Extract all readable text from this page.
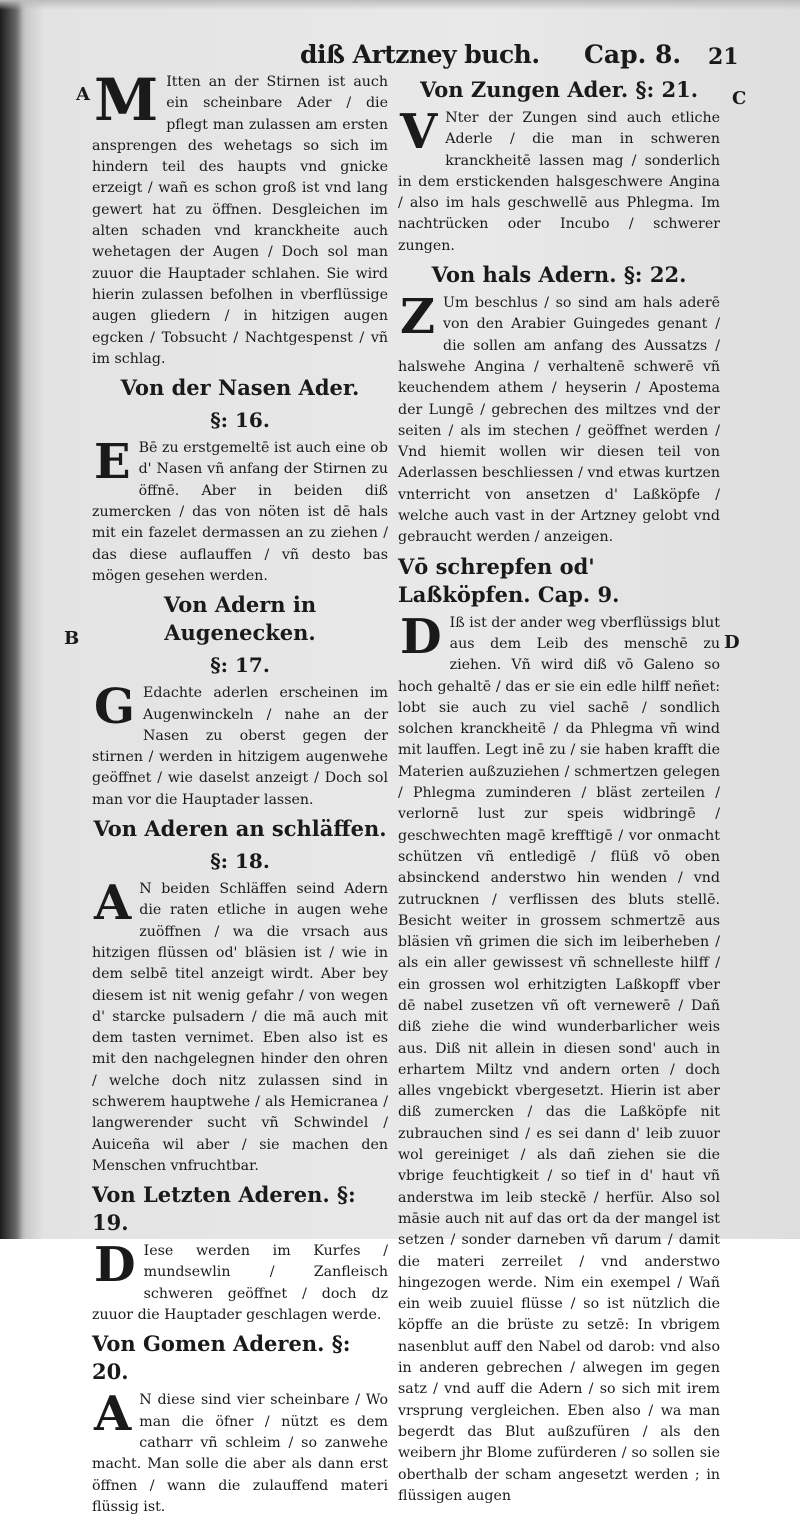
diß Artzney buch. Cap. 8. 21
A
B
C
D

M Itten an der Stirnen ist auch ein scheinbare Ader / die pflegt man zulassen am ersten ansprengen des wehetags so sich im hindern teil des haupts vnd gnicke erzeigt / wañ es schon groß ist vnd lang gewert hat zu öffnen. Desgleichen im alten schaden vnd kranckheite auch wehetagen der Augen / Doch sol man zuuor die Hauptader schlahen. Sie wird hierin zulassen befolhen in vberflüssige augen gliedern / in hitzigen augen egcken / Tobsucht / Nachtgespenst / vñ im schlag.

Von der Nasen Ader.
§: 16.

E Bē zu erstgemeltē ist auch eine ob d' Nasen vñ anfang der Stirnen zu öffnē. Aber in beiden diß zumercken / das von nöten ist dē hals mit ein fazelet dermassen an zu ziehen / das diese auflauffen / vñ desto bas mögen gesehen werden.

Von Adern in Augenecken.
§: 17.

G Edachte aderlen erscheinen im Augenwinckeln / nahe an der Nasen zu oberst gegen der stirnen / werden in hitzigem augenwehe geöffnet / wie daselst anzeigt / Doch sol man vor die Hauptader lassen.

Von Aderen an schläffen.
§: 18.

A N beiden Schläffen seind Adern die raten etliche in augen wehe zuöffnen / wa die vrsach aus hitzigen flüssen od' bläsien ist / wie in dem selbē titel anzeigt wirdt. Aber bey diesem ist nit wenig gefahr / von wegen d' starcke pulsadern / die mā auch mit dem tasten vernimet. Eben also ist es mit den nachgelegnen hinder den ohren / welche doch nitz zulassen sind in schwerem hauptwehe / als Hemicranea / langwerender sucht vñ Schwindel / Auiceña wil aber / sie machen den Menschen vnfruchtbar.

Von Letzten Aderen. §: 19.

D Iese werden im Kurfes / mundsewlin / Zanfleisch schweren geöffnet / doch dz zuuor die Hauptader geschlagen werde.

Von Gomen Aderen. §: 20.

A N diese sind vier scheinbare / Wo man die öfner / nützt es dem catharr vñ schleim / so zanwehe macht. Man solle die aber als dann erst öffnen / wann die zulauffend materi flüssig ist.

Von Zungen Ader. §: 21.

V Nter der Zungen sind auch etliche Aderle / die man in schweren kranckheitē lassen mag / sonderlich in dem erstickenden halsgeschwere Angina / also im hals geschwellē aus Phlegma. Im nachtrücken oder Incubo / schwerer zungen.

Von hals Adern. §: 22.

Z Um beschlus / so sind am hals aderē von den Arabier Guingedes genant / die sollen am anfang des Aussatzs / halswehe Angina / verhaltenē schwerē vñ keuchendem athem / heyserin / Apostema der Lungē / gebrechen des miltzes vnd der seiten / als im stechen / geöffnet werden / Vnd hiemit wollen wir diesen teil von Aderlassen beschliessen / vnd etwas kurtzen vnterricht von ansetzen d' Laßköpfe / welche auch vast in der Artzney gelobt vnd gebraucht werden / anzeigen.

Vō schrepfen od' Laßköpfen. Cap. 9.

D Iß ist der ander weg vberflüssigs blut aus dem Leib des menschē zu ziehen. Vñ wird diß vō Galeno so hoch gehaltē / das er sie ein edle hilff neñet: lobt sie auch zu viel sachē / sondlich solchen kranckheitē / da Phlegma vñ wind mit lauffen. Legt inē zu / sie haben krafft die Materien außzuziehen / schmertzen gelegen / Phlegma zuminderen / bläst zerteilen / verlornē lust zur speis widbringē / geschwechten magē krefftigē / vor onmacht schützen vñ entledigē / flüß vō oben absinckend anderstwo hin wenden / vnd zutrucknen / verflissen des bluts stellē. Besicht weiter in grossem schmertzē aus bläsien vñ grimen die sich im leiberheben / als ein aller gewissest vñ schnelleste hilff / ein grossen wol erhitzigten Laßkopff vber dē nabel zusetzen vñ oft vernewerē / Dañ diß ziehe die wind wunderbarlicher weis aus. Diß nit allein in diesen sond' auch in erhartem Miltz vnd andern orten / doch alles vngebickt vbergesetzt. Hierin ist aber diß zumercken / das die Laßköpfe nit zubrauchen sind / es sei dann d' leib zuuor wol gereiniget / als dañ ziehen sie die vbrige feuchtigkeit / so tief in d' haut vñ anderstwa im leib steckē / herfür. Also sol māsie auch nit auf das ort da der mangel ist setzen / sonder darneben vñ darum / damit die materi zerreilet / vnd anderstwo hingezogen werde. Nim ein exempel / Wañ ein weib zuuiel flüsse / so ist nützlich die köpffe an die brüste zu setzē: In vbrigem nasenblut auff den Nabel od darob: vnd also in anderen gebrechen / alwegen im gegen satz / vnd auff die Adern / so sich mit irem vrsprung vergleichen. Eben also / wa man begerdt das Blut außzufüren / als den weibern jhr Blome zufürderen / so sollen sie oberthalb der scham angesetzt werden ; in flüssigen augen
